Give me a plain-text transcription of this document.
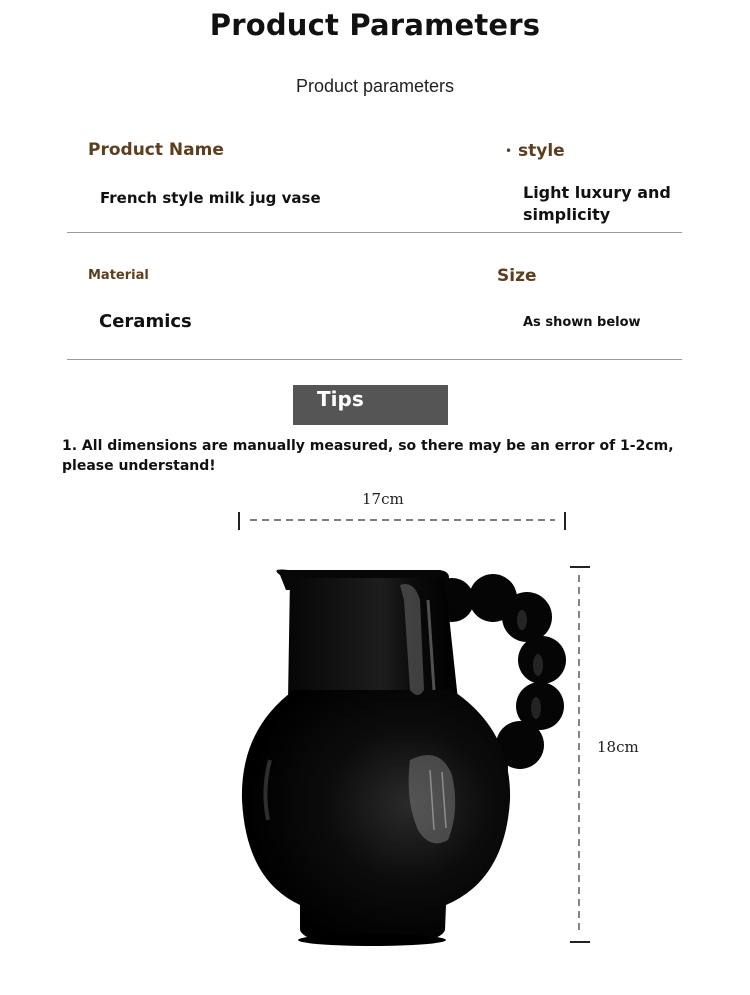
Product Parameters
Product parameters
Product Name
French style milk jug vase
• style
Light luxury and simplicity
Material
Ceramics
Size
As shown below
Tips
1. All dimensions are manually measured, so there may be an error of 1-2cm, please understand!
17cm
18cm
